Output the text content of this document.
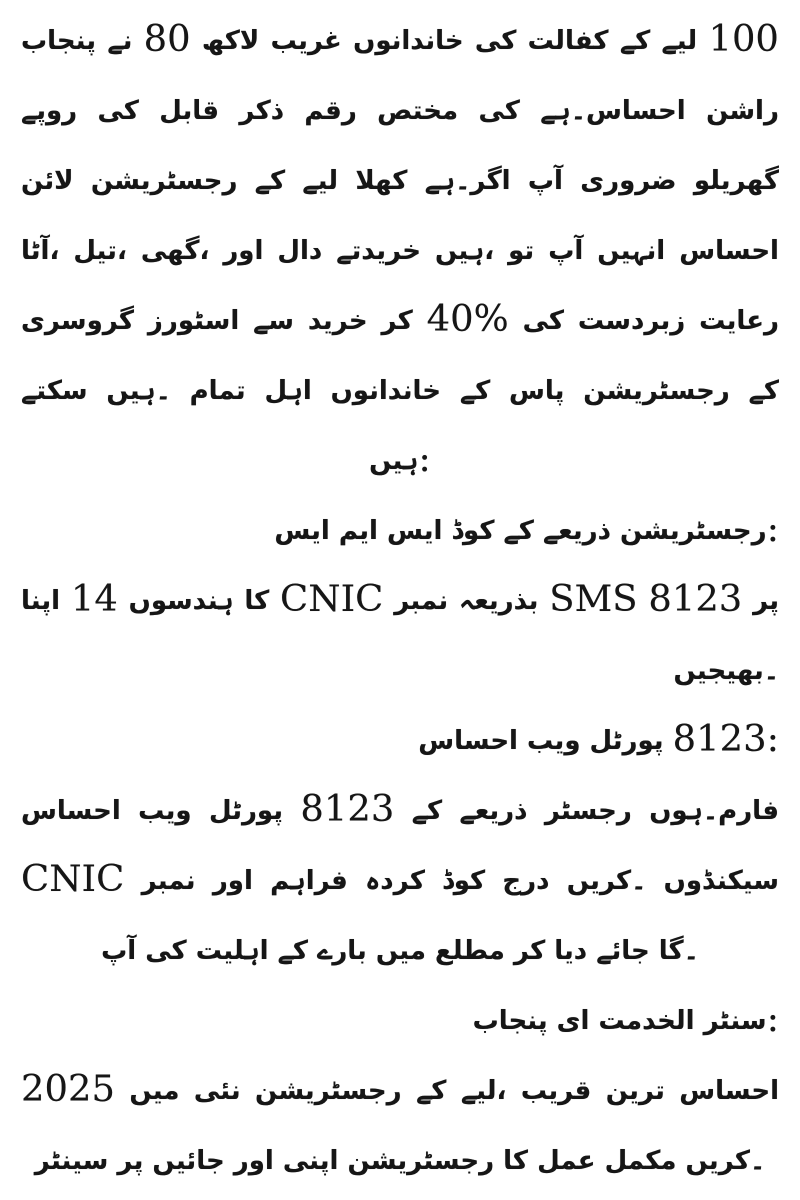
پنجاب نے 80 لاکھ غریب خاندانوں کی کفالت کے لیے 100
روپے کی قابل ذکر رقم مختص کی ہے۔احساس راشن
لائن رجسٹریشن کے لیے کھلا ہے۔اگر آپ ضروری گھریلو
آٹا، تیل، گھی، اور دال خریدتے ہیں، تو آپ انہیں احساس
گروسری اسٹورز سے خرید کر 40% کی زبردست رعایت
سکتے ہیں۔ تمام اہل خاندانوں کے پاس رجسٹریشن کے
ہیں:
ایس ایم ایس کوڈ کے ذریعے رجسٹریشن:
اپنا 14 ہندسوں کا CNIC نمبر بذریعہ SMS 8123 پر
بھیجیں۔
احساس ویب پورٹل 8123:
احساس ویب پورٹل 8123 کے ذریعے رجسٹر ہوں۔فارم
CNIC نمبر اور فراہم کردہ کوڈ درج کریں۔ سیکنڈوں
آپ کی اہلیت کے بارے میں مطلع کر دیا جائے گا۔
پنجاب ای الخدمت سنٹر:
2025 میں نئی رجسٹریشن کے لیے، قریب ترین احساس
سینٹر پر جائیں اور اپنی رجسٹریشن کا عمل مکمل کریں۔
